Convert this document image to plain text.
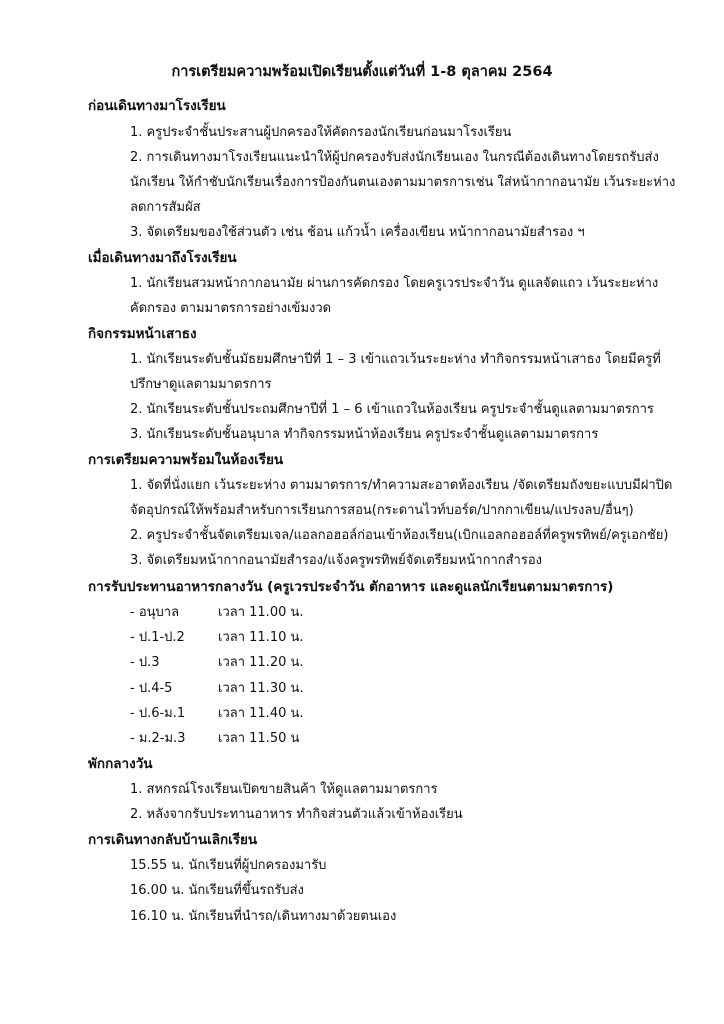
การเตรียมความพร้อมเปิดเรียนตั้งแต่วันที่ 1-8 ตุลาคม 2564
ก่อนเดินทางมาโรงเรียน
1. ครูประจำชั้นประสานผู้ปกครองให้คัดกรองนักเรียนก่อนมาโรงเรียน
2. การเดินทางมาโรงเรียนแนะนำให้ผู้ปกครองรับส่งนักเรียนเอง ในกรณีต้องเดินทางโดยรถรับส่ง
นักเรียน ให้กำชับนักเรียนเรื่องการป้องกันตนเองตามมาตรการเช่น ใส่หน้ากากอนามัย เว้นระยะห่าง
ลดการสัมผัส
3. จัดเตรียมของใช้ส่วนตัว เช่น ช้อน แก้วน้ำ เครื่องเขียน หน้ากากอนามัยสำรอง ฯ
เมื่อเดินทางมาถึงโรงเรียน
1. นักเรียนสวมหน้ากากอนามัย ผ่านการคัดกรอง โดยครูเวรประจำวัน ดูแลจัดแถว เว้นระยะห่าง
คัดกรอง ตามมาตรการอย่างเข้มงวด
กิจกรรมหน้าเสาธง
1. นักเรียนระดับชั้นมัธยมศึกษาปีที่ 1 – 3 เข้าแถวเว้นระยะห่าง ทำกิจกรรมหน้าเสาธง โดยมีครูที่
ปรึกษาดูแลตามมาตรการ
2. นักเรียนระดับชั้นประถมศึกษาปีที่ 1 – 6 เข้าแถวในห้องเรียน ครูประจำชั้นดูแลตามมาตรการ
3. นักเรียนระดับชั้นอนุบาล ทำกิจกรรมหน้าห้องเรียน ครูประจำชั้นดูแลตามมาตรการ
การเตรียมความพร้อมในห้องเรียน
1. จัดที่นั่งแยก เว้นระยะห่าง ตามมาตรการ/ทำความสะอาดห้องเรียน /จัดเตรียมถังขยะแบบมีฝาปิด
จัดอุปกรณ์ให้พร้อมสำหรับการเรียนการสอน(กระดานไวท์บอร์ด/ปากกาเขียน/แปรงลบ/อื่นๆ)
2. ครูประจำชั้นจัดเตรียมเจล/แอลกอฮอล์ก่อนเข้าห้องเรียน(เบิกแอลกอฮอล์ที่ครูพรทิพย์/ครูเอกชัย)
3. จัดเตรียมหน้ากากอนามัยสำรอง/แจ้งครูพรทิพย์จัดเตรียมหน้ากากสำรอง
การรับประทานอาหารกลางวัน (ครูเวรประจำวัน ตักอาหาร และดูแลนักเรียนตามมาตรการ)
- อนุบาล	เวลา 11.00 น.
- ป.1-ป.2	เวลา 11.10 น.
- ป.3	เวลา 11.20 น.
- ป.4-5	เวลา 11.30 น.
- ป.6-ม.1	เวลา 11.40 น.
- ม.2-ม.3	เวลา 11.50 น
พักกลางวัน
1. สหกรณ์โรงเรียนเปิดขายสินค้า ให้ดูแลตามมาตรการ
2. หลังจากรับประทานอาหาร ทำกิจส่วนตัวแล้วเข้าห้องเรียน
การเดินทางกลับบ้านเลิกเรียน
15.55 น. นักเรียนที่ผู้ปกครองมารับ
16.00 น. นักเรียนที่ขึ้นรถรับส่ง
16.10 น. นักเรียนที่นำรถ/เดินทางมาด้วยตนเอง
